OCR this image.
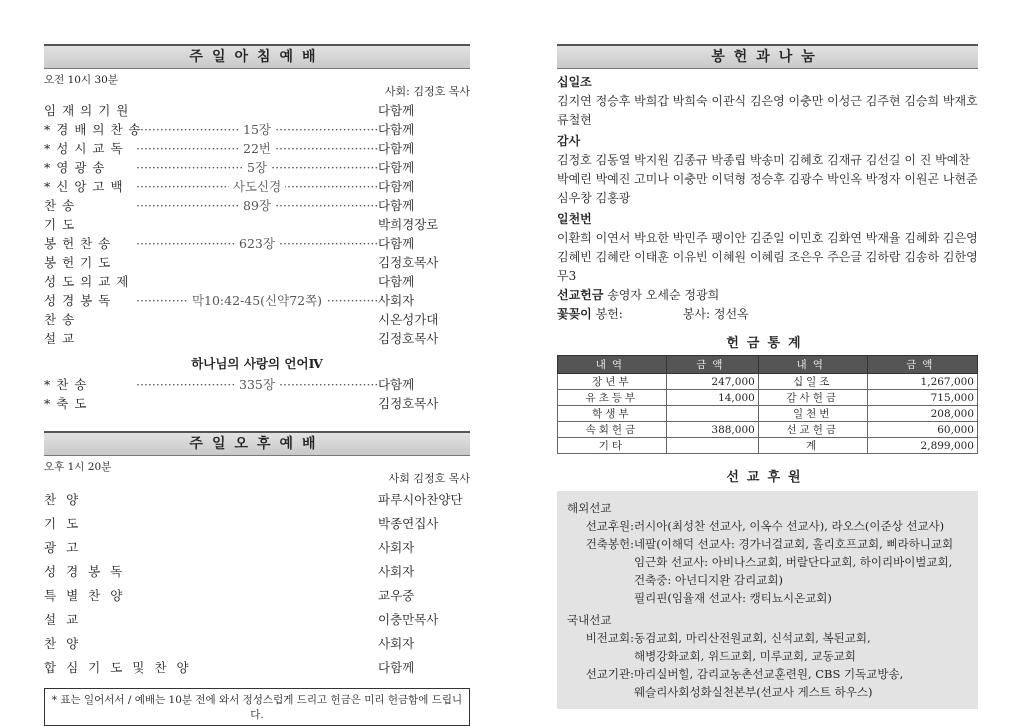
주일아침예배
오전 10시 30분
사회: 김정호 목사
임재의기원	다함께
*경배의찬송	15장 ·····	다함께
*성시교독	22번 ·····	다함께
*영광송	5장 ·····	다함께
*신앙고백	사도신경 ·····	다함께
찬송	89장 ·····	다함께
기도	박희경장로
봉헌찬송	623장 ·····	다함께
봉헌기도	김정호목사
성도의교제	다함께
성경봉독	막10:42-45(신약72쪽) ·····	사회자
찬송	시온성가대
설교	김정호목사
하나님의 사랑의 언어Ⅳ
*찬송	335장 ·····	다함께
*축도	김정호목사
주일오후예배
오후 1시 20분
사회 김정호 목사
찬양	파루시아찬양단
기도	박종연집사
광고	사회자
성경봉독	사회자
특별찬양	교우중
설교	이충만목사
찬양	사회자
합심기도및찬양	다함께
* 표는 일어서서 / 예배는 10분 전에 와서 정성스럽게 드리고 헌금은 미리 헌금함에 드립니다.
봉헌과나눔
십일조
김지연 정승후 박희갑 박희숙 이관식 김은영 이충만 이성근 김주현 김승희 박재호 류철현
감사
김정호 김동열 박지원 김종규 박종립 박송미 김혜호 김재규 김선길 이 진 박예찬 박예린 박예진 고미나 이충만 이덕형 정승후 김광수 박인옥 박정자 이원곤 나현준 심우창 김홍광
일천번
이환희 이연서 박요한 박민주 팽이안 김준일 이민호 김화연 박재율 김혜화 김은영 김혜빈 김혜란 이태훈 이유빈 이혜원 이혜림 조은우 주은글 김하람 김송하 김한영 무3
선교헌금 송영자 오세순 정광희
꽃꽂이 봉헌:	봉사: 정선옥
헌금통계
내역	금액	내역	금액
장년부	247,000	십일조	1,267,000
유초등부	14,000	감사헌금	715,000
학생부		일천번	208,000
속회헌금	388,000	선교헌금	60,000
기타		계	2,899,000
선교후원
해외선교
선교후원: 러시아(최성찬 선교사, 이옥수 선교사), 라오스(이준상 선교사)
건축봉헌: 네팔(이해덕 선교사: 경가너걸교회, 홀리호프교회, 삐라하니교회
임근화 선교사: 아비나스교회, 버랄단다교회, 하이리바이벌교회,
건축중: 아넌디지완 감리교회)
필리핀(임율재 선교사: 캥티뇨시온교회)
국내선교
비전교회: 동검교회, 마리산전원교회, 신석교회, 복된교회,
해병강화교회, 위드교회, 미루교회, 교동교회
선교기관: 마리실버힐, 감리교농촌선교훈련원, CBS 기독교방송,
웨슬리사회성화실천본부(선교사 게스트 하우스)
